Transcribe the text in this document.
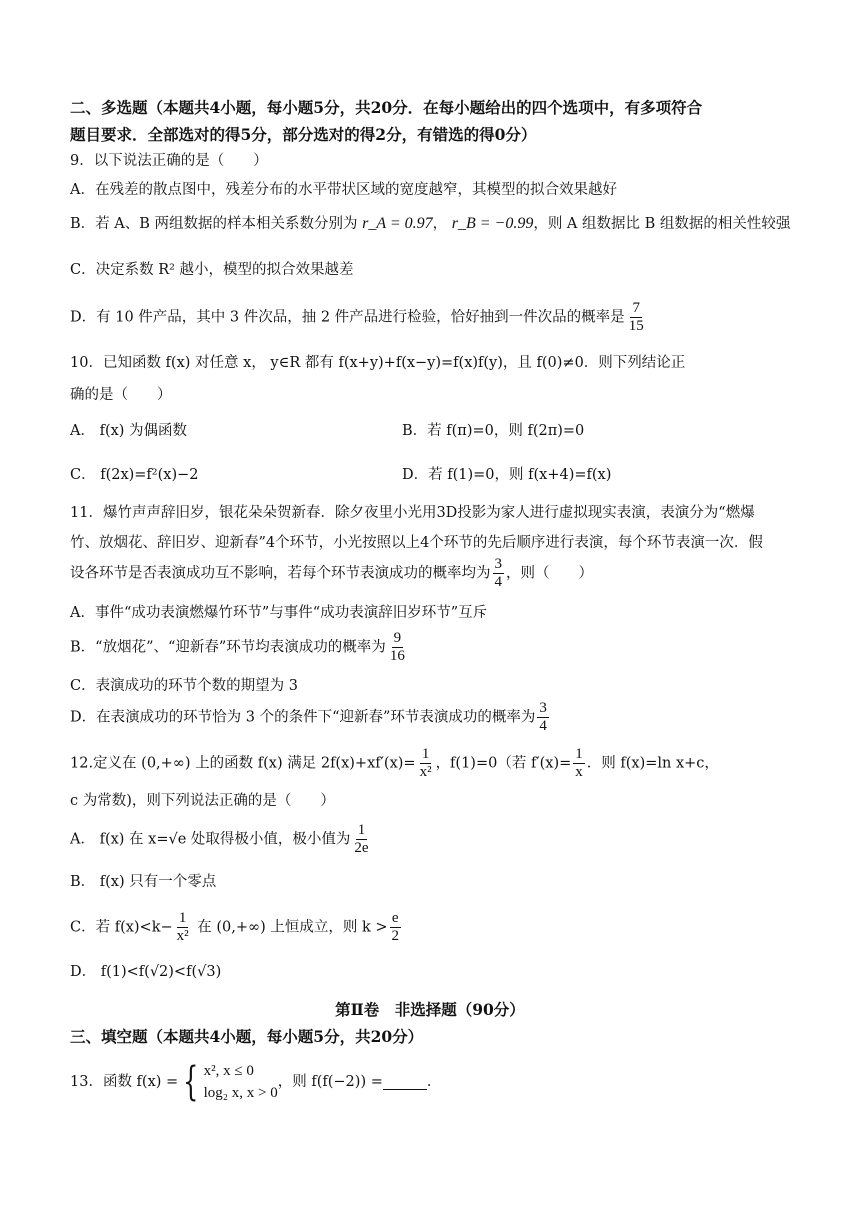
二、多选题（本题共4小题，每小题5分，共20分．在每小题给出的四个选项中，有多项符合
题目要求．全部选对的得5分，部分选对的得2分，有错选的得0分）
9．以下说法正确的是（　　）
A．在残差的散点图中，残差分布的水平带状区域的宽度越窄，其模型的拟合效果越好
B．若 A、B 两组数据的样本相关系数分别为 r_A = 0.97， r_B = −0.99，则 A 组数据比 B 组数据的相关性较强
C．决定系数 R² 越小，模型的拟合效果越差
D．有 10 件产品，其中 3 件次品，抽 2 件产品进行检验，恰好抽到一件次品的概率是 $\frac{7}{15}$
10．已知函数 f(x) 对任意 x， y∈R 都有 f(x+y)+f(x−y)=f(x)f(y)，且 f(0)≠0．则下列结论正
确的是（　　）
A． f(x) 为偶函数	B．若 f(π)=0，则 f(2π)=0
C． f(2x)=f²(x)−2	D．若 f(1)=0，则 f(x+4)=f(x)
11．爆竹声声辞旧岁，银花朵朵贺新春．除夕夜里小光用3D投影为家人进行虚拟现实表演，表演分为“燃爆
竹、放烟花、辞旧岁、迎新春”4个环节，小光按照以上4个环节的先后顺序进行表演，每个环节表演一次．假
设各环节是否表演成功互不影响，若每个环节表演成功的概率均为 $\frac{3}{4}$ ，则（　　）
A．事件“成功表演燃爆竹环节”与事件“成功表演辞旧岁环节”互斥
B．“放烟花”、“迎新春”环节均表演成功的概率为 $\frac{9}{16}$
C．表演成功的环节个数的期望为 3
D．在表演成功的环节恰为 3 个的条件下“迎新春”环节表演成功的概率为 $\frac{3}{4}$
12.定义在 (0,+∞) 上的函数 f(x) 满足 $2f(x)+xf'(x)= \frac{1}{\text{x²}}$ ，f(1)=0（若 $f'(x)= \frac{1}{x}$ ．则 f(x)=ln x+c，
c 为常数)，则下列说法正确的是（　　）
A． f(x) 在 x=√e 处取得极小值，极小值为 $\frac{1}{2e}$
B． f(x) 只有一个零点
C．若 $f(x)<k- \frac{1}{\text{x²}}$ 在 (0,+∞) 上恒成立，则 $k > \frac{e}{2}$
D． f(1)<f(√2)<f(√3)
第Ⅱ卷　非选择题（90分）
三、填空题（本题共4小题，每小题5分，共20分）
13．函数 f(x) = { x², x ≤ 0
log₂ x, x > 0
，则 f(f(−2)) =	．
